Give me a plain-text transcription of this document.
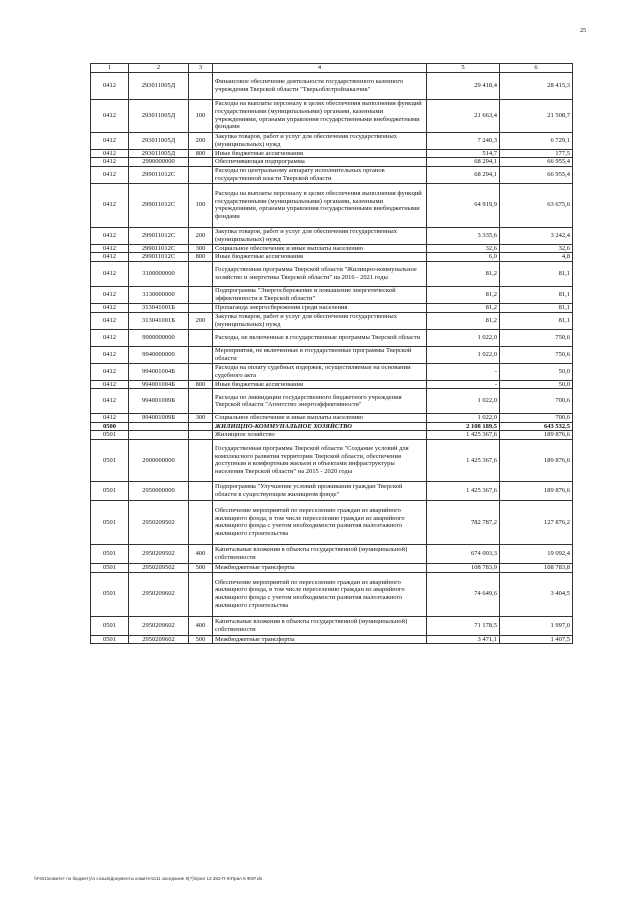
25
1	2	3	4	5	6
0412	293011005Д		Финансовое обеспечение деятельности государственного казенного учреждения Тверской области "Тверьоблстройзаказчик"	29 418,4	28 415,3
0412	293011005Д	100	Расходы на выплаты персоналу в целях обеспечения выполнения функций государственными (муниципальными) органами, казенными учреждениями, органами управления государственными внебюджетными фондами	21 663,4	21 508,7
0412	293011005Д	200	Закупка товаров, работ и услуг для обеспечения государственных (муниципальных) нужд	7 240,3	6 729,1
0412	293011005Д	800	Иные бюджетные ассигнования	514,7	177,5
0412	2990000000		Обеспечивающая подпрограмма	68 294,1	66 955,4
0412	299011012С		Расходы по центральному аппарату исполнительных органов государственной власти Тверской области	68 294,1	66 955,4
0412	299011012С	100	Расходы на выплаты персоналу в целях обеспечения выполнения функций государственными (муниципальными) органами, казенными учреждениями, органами управления государственными внебюджетными фондами	64 919,9	63 675,6
0412	299011012С	200	Закупка товаров, работ и услуг для обеспечения государственных (муниципальных) нужд	3 335,6	3 242,4
0412	299011012С	300	Социальное обеспечение и иные выплаты населению	32,6	32,6
0412	299011012С	800	Иные бюджетные ассигнования	6,0	4,8
0412	3100000000		Государственная программа Тверской области "Жилищно-коммунальное хозяйство и энергетика Тверской области" на 2016 - 2021 годы	81,2	81,1
0412	3130000000		Подпрограмма "Энергосбережение и повышение энергетической эффективности в Тверской области"	81,2	81,1
0412	313041001Б		Пропаганда энергосбережения среди населения	81,2	81,1
0412	313041001Б	200	Закупка товаров, работ и услуг для обеспечения государственных (муниципальных) нужд	81,2	81,1
0412	9900000000		Расходы, не включенные в государственные программы Тверской области	1 022,0	750,6
0412	9940000000		Мероприятия, не включенные в государственные программы Тверской области	1 022,0	750,6
0412	994001004Б		Расходы на оплату судебных издержек, осуществляемые на основании судебного акта	-	50,0
0412	994001004Б	800	Иные бюджетные ассигнования	-	50,0
0412	994001009Б		Расходы по ликвидации государственного бюджетного учреждения Тверской области "Агентство энергоэффективности"	1 022,0	700,6
0412	994001009Б	300	Социальное обеспечение и иные выплаты населению	1 022,0	700,6
0500			ЖИЛИЩНО-КОММУНАЛЬНОЕ ХОЗЯЙСТВО	2 108 189,5	643 532,5
0501			Жилищное хозяйство	1 425 367,6	189 876,6
0501	2900000000		Государственная программа Тверской области "Создание условий для комплексного развития территории Тверской области, обеспечения доступным и комфортным жильем и объектами инфраструктуры населения Тверской области" на 2015 - 2020 годы	1 425 367,6	189 876,6
0501	2950000000		Подпрограмма "Улучшение условий проживания граждан Тверской области в существующем жилищном фонде"	1 425 367,6	189 876,6
0501	2950209502		Обеспечение мероприятий по переселению граждан из аварийного жилищного фонда, в том числе переселению граждан из аварийного жилищного фонда с учетом необходимости развития малоэтажного жилищного строительства	782 787,2	127 876,2
0501	2950209502	400	Капитальные вложения в объекты государственной (муниципальной) собственности	674 003,3	19 092,4
0501	2950209502	500	Межбюджетные трансферты	108 783,9	108 783,8
0501	2950209602		Обеспечение мероприятий по переселению граждан из аварийного жилищного фонда, в том числе переселению граждан из аварийного жилищного фонда с учетом необходимости развития малоэтажного жилищного строительства	74 649,6	3 404,5
0501	2950209602	400	Капитальные вложения в объекты государственной (муниципальной) собственности	71 178,5	1 997,0
0501	2950209602	500	Межбюджетные трансферты	3 471,1	1 407,5
\\Fs01\комитет по бюджету\4 созыв\Документы комитета\11 заседание 9(?)\прил 13 282-П-6\Прил 5 ФКР.xls
